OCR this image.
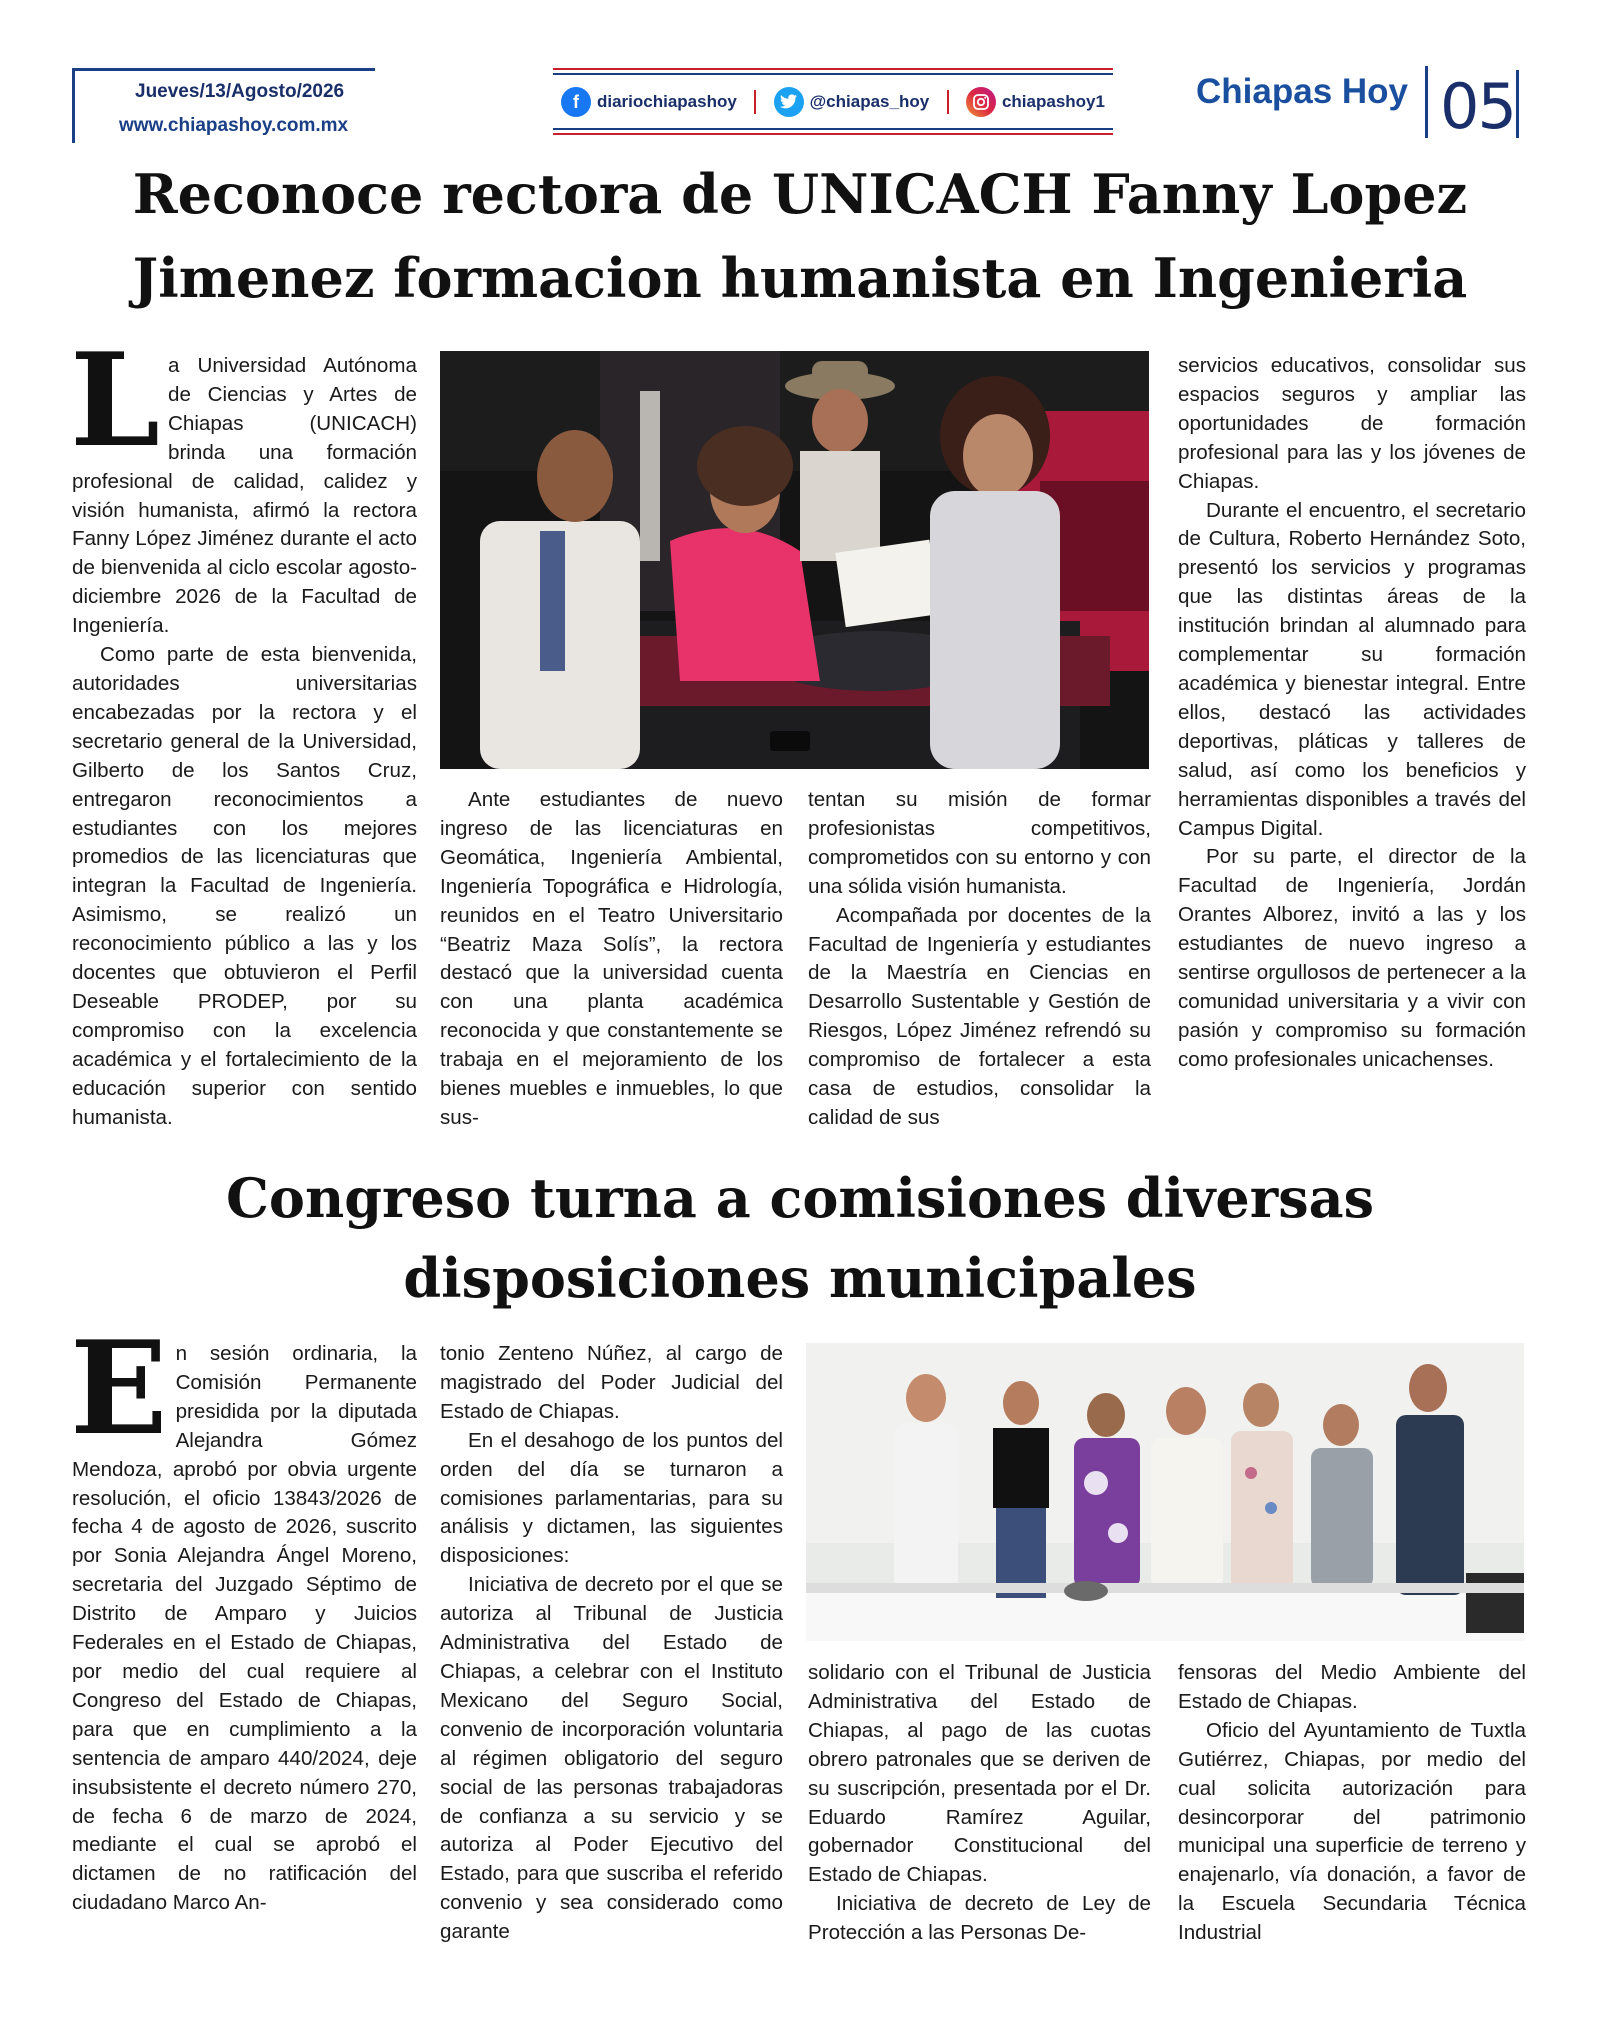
Jueves/13/Agosto/2026
www.chiapashoy.com.mx
f	diariochiapashoy	@chiapas_hoy	chiapashoy1	Chiapas Hoy 05
Reconoce rectora de UNICACH Fanny Lopez
Jimenez formacion humanista en Ingenieria

La Universidad Autónoma de Ciencias y Artes de Chiapas (UNICACH) brinda una formación profesional de calidad, calidez y visión humanista, afirmó la rectora Fanny López Jiménez durante el acto de bienvenida al ciclo escolar agosto-diciembre 2026 de la Facultad de Ingeniería.

Como parte de esta bienvenida, autoridades universitarias encabezadas por la rectora y el secretario general de la Universidad, Gilberto de los Santos Cruz, entregaron reconocimientos a estudiantes con los mejores promedios de las licenciaturas que integran la Facultad de Ingeniería. Asimismo, se realizó un reconocimiento público a las y los docentes que obtuvieron el Perfil Deseable PRODEP, por su compromiso con la excelencia académica y el fortalecimiento de la educación superior con sentido humanista.

Ante estudiantes de nuevo ingreso de las licenciaturas en Geomática, Ingeniería Ambiental, Ingeniería Topográfica e Hidrología, reunidos en el Teatro Universitario “Beatriz Maza Solís”, la rectora destacó que la universidad cuenta con una planta académica reconocida y que constantemente se trabaja en el mejoramiento de los bienes muebles e inmuebles, lo que sus-

tentan su misión de formar profesionistas competitivos, comprometidos con su entorno y con una sólida visión humanista.

Acompañada por docentes de la Facultad de Ingeniería y estudiantes de la Maestría en Ciencias en Desarrollo Sustentable y Gestión de Riesgos, López Jiménez refrendó su compromiso de fortalecer a esta casa de estudios, consolidar la calidad de sus

servicios educativos, consolidar sus espacios seguros y ampliar las oportunidades de formación profesional para las y los jóvenes de Chiapas.

Durante el encuentro, el secretario de Cultura, Roberto Hernández Soto, presentó los servicios y programas que las distintas áreas de la institución brindan al alumnado para complementar su formación académica y bienestar integral. Entre ellos, destacó las actividades deportivas, pláticas y talleres de salud, así como los beneficios y herramientas disponibles a través del Campus Digital.

Por su parte, el director de la Facultad de Ingeniería, Jordán Orantes Alborez, invitó a las y los estudiantes de nuevo ingreso a sentirse orgullosos de pertenecer a la comunidad universitaria y a vivir con pasión y compromiso su formación como profesionales unicachenses.

Congreso turna a comisiones diversas
disposiciones municipales

En sesión ordinaria, la Comisión Permanente presidida por la diputada Alejandra Gómez Mendoza, aprobó por obvia urgente resolución, el oficio 13843/2026 de fecha 4 de agosto de 2026, suscrito por Sonia Alejandra Ángel Moreno, secretaria del Juzgado Séptimo de Distrito de Amparo y Juicios Federales en el Estado de Chiapas, por medio del cual requiere al Congreso del Estado de Chiapas, para que en cumplimiento a la sentencia de amparo 440/2024, deje insubsistente el decreto número 270, de fecha 6 de marzo de 2024, mediante el cual se aprobó el dictamen de no ratificación del ciudadano Marco An-

tonio Zenteno Núñez, al cargo de magistrado del Poder Judicial del Estado de Chiapas.

En el desahogo de los puntos del orden del día se turnaron a comisiones parlamentarias, para su análisis y dictamen, las siguientes disposiciones:

Iniciativa de decreto por el que se autoriza al Tribunal de Justicia Administrativa del Estado de Chiapas, a celebrar con el Instituto Mexicano del Seguro Social, convenio de incorporación voluntaria al régimen obligatorio del seguro social de las personas trabajadoras de confianza a su servicio y se autoriza al Poder Ejecutivo del Estado, para que suscriba el referido convenio y sea considerado como garante

solidario con el Tribunal de Justicia Administrativa del Estado de Chiapas, al pago de las cuotas obrero patronales que se deriven de su suscripción, presentada por el Dr. Eduardo Ramírez Aguilar, gobernador Constitucional del Estado de Chiapas.

Iniciativa de decreto de Ley de Protección a las Personas De-

fensoras del Medio Ambiente del Estado de Chiapas.

Oficio del Ayuntamiento de Tuxtla Gutiérrez, Chiapas, por medio del cual solicita autorización para desincorporar del patrimonio municipal una superficie de terreno y enajenarlo, vía donación, a favor de la Escuela Secundaria Técnica Industrial
